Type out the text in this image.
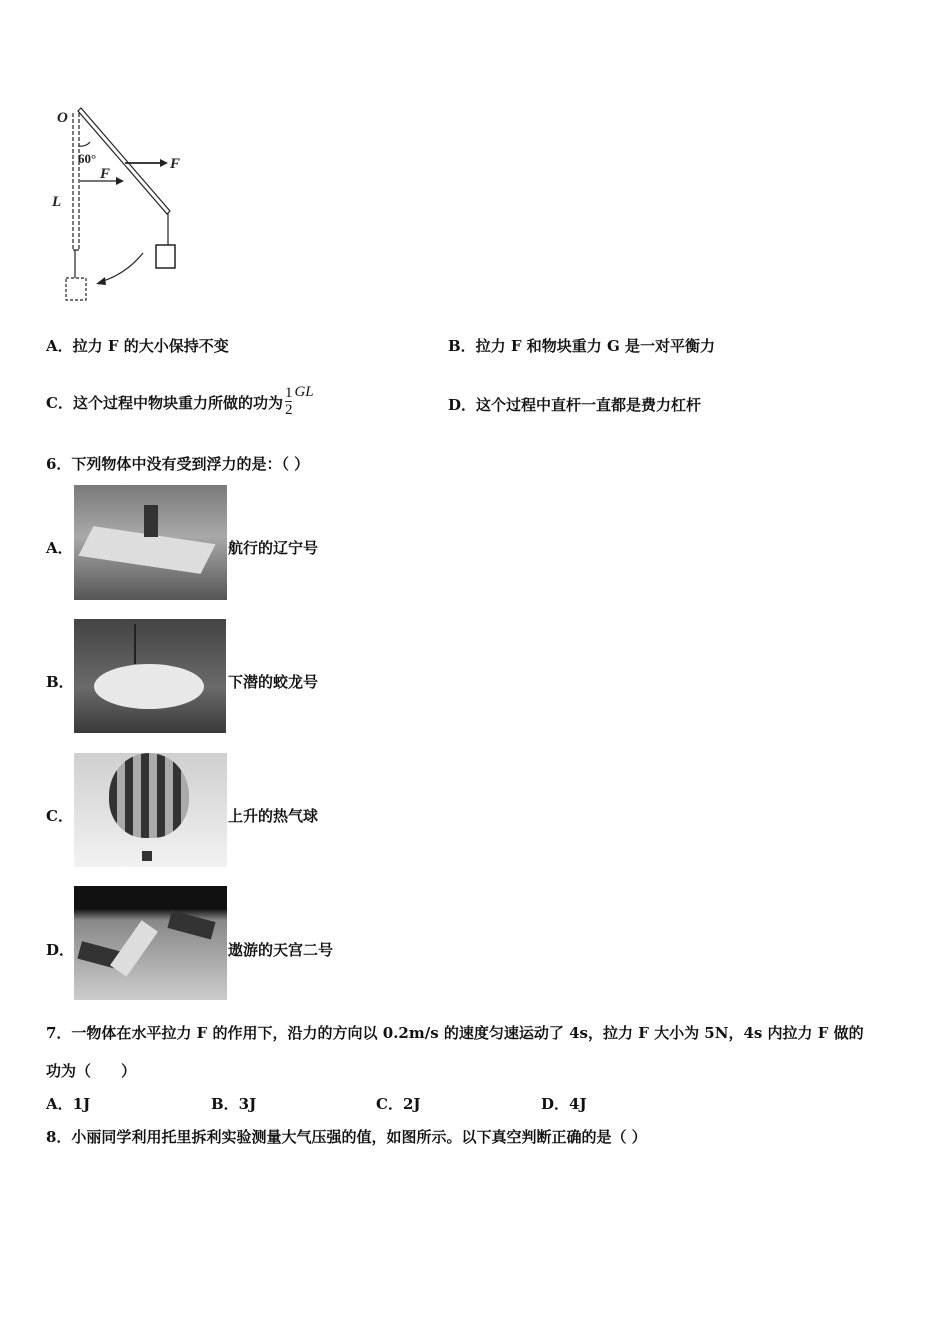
O
60°	F
F
L
A．拉力 F 的大小保持不变	B．拉力 F 和物块重力 G 是一对平衡力
C．这个过程中物块重力所做的功为 $\frac{1}{2}$ GL
D．这个过程中直杆一直都是费力杠杆
6．下列物体中没有受到浮力的是：（ ）
A．	航行的辽宁号
B．	下潜的蛟龙号
C．	上升的热气球
D．	遨游的天宫二号
7．一物体在水平拉力 F 的作用下，沿力的方向以 0.2m/s 的速度匀速运动了 4s，拉力 F 大小为 5N，4s 内拉力 F 做的
功为（　　）
A．1J	B．3J	C．2J	D．4J
8．小丽同学利用托里拆利实验测量大气压强的值，如图所示。以下真空判断正确的是（ ）
